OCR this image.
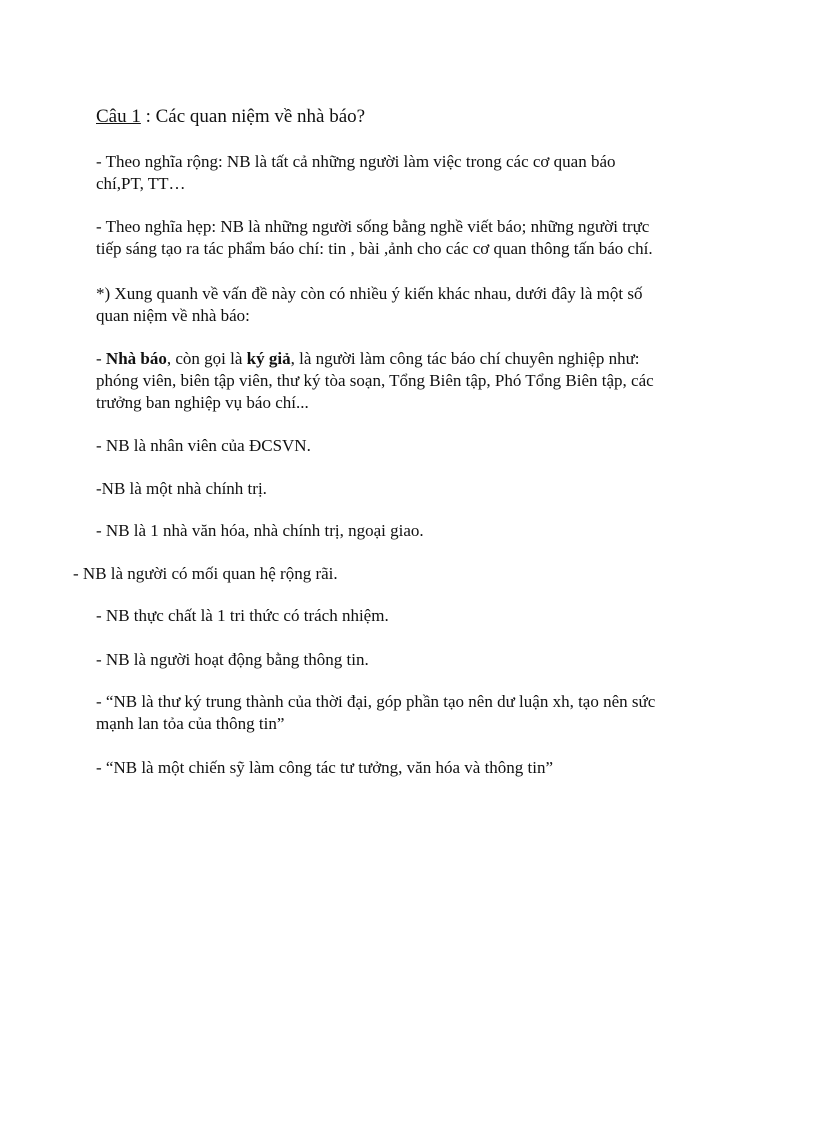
Câu 1 : Các quan niệm về nhà báo?

- Theo nghĩa rộng: NB là tất cả những người làm việc trong các cơ quan báo
chí,PT, TT…

- Theo nghĩa hẹp: NB là những người sống bằng nghề viết báo; những người trực
tiếp sáng tạo ra tác phẩm báo chí: tin , bài ,ảnh cho các cơ quan thông tấn báo chí.

*) Xung quanh về vấn đề này còn có nhiều ý kiến khác nhau, dưới đây là một số
quan niệm về nhà báo:

- Nhà báo, còn gọi là ký giả, là người làm công tác báo chí chuyên nghiệp như:
phóng viên, biên tập viên, thư ký tòa soạn, Tổng Biên tập, Phó Tổng Biên tập, các
trưởng ban nghiệp vụ báo chí...

- NB là nhân viên của ĐCSVN.

-NB là một nhà chính trị.

- NB là 1 nhà văn hóa, nhà chính trị, ngoại giao.

- NB là người có mối quan hệ rộng rãi.

- NB thực chất là 1 tri thức có trách nhiệm.

- NB là người hoạt động bằng thông tin.

- “NB là thư ký trung thành của thời đại, góp phần tạo nên dư luận xh, tạo nên sức
mạnh lan tỏa của thông tin”

- “NB là một chiến sỹ làm công tác tư tưởng, văn hóa và thông tin”
